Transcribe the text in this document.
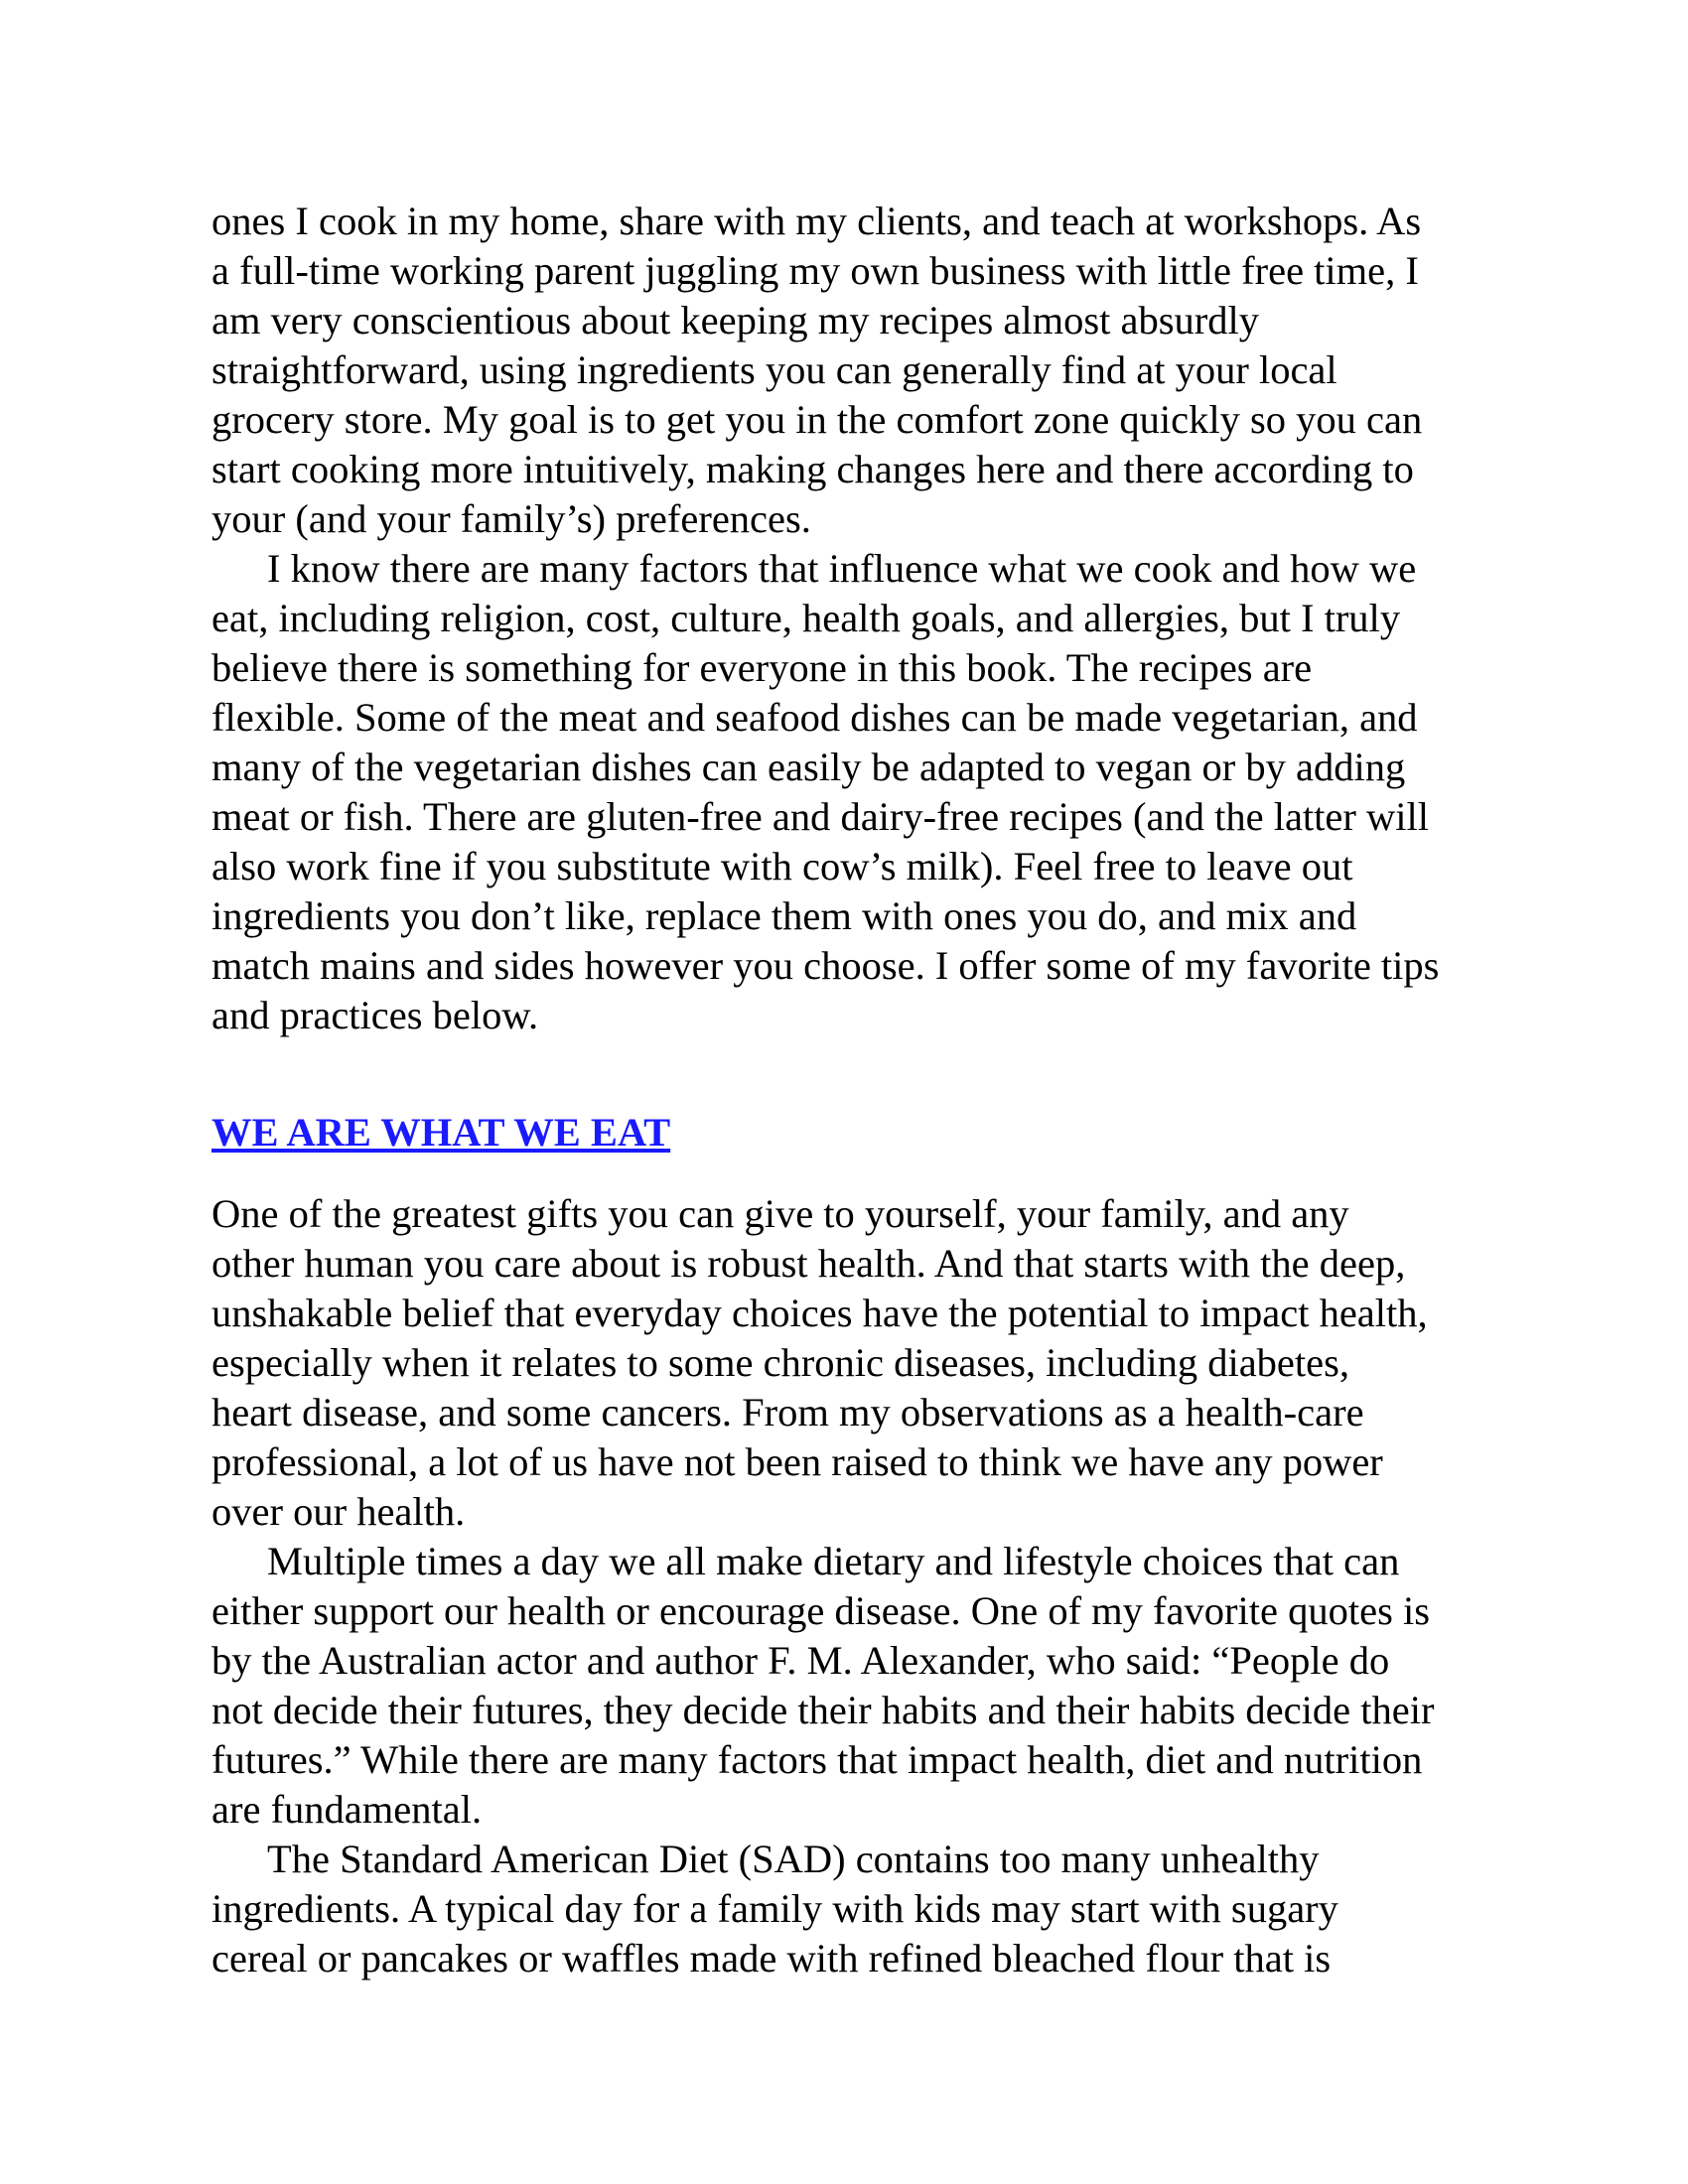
ones I cook in my home, share with my clients, and teach at workshops. As
a full-time working parent juggling my own business with little free time, I
am very conscientious about keeping my recipes almost absurdly
straightforward, using ingredients you can generally find at your local
grocery store. My goal is to get you in the comfort zone quickly so you can
start cooking more intuitively, making changes here and there according to
your (and your family’s) preferences.

I know there are many factors that influence what we cook and how we
eat, including religion, cost, culture, health goals, and allergies, but I truly
believe there is something for everyone in this book. The recipes are
flexible. Some of the meat and seafood dishes can be made vegetarian, and
many of the vegetarian dishes can easily be adapted to vegan or by adding
meat or fish. There are gluten-free and dairy-free recipes (and the latter will
also work fine if you substitute with cow’s milk). Feel free to leave out
ingredients you don’t like, replace them with ones you do, and mix and
match mains and sides however you choose. I offer some of my favorite tips
and practices below.

WE ARE WHAT WE EAT

One of the greatest gifts you can give to yourself, your family, and any
other human you care about is robust health. And that starts with the deep,
unshakable belief that everyday choices have the potential to impact health,
especially when it relates to some chronic diseases, including diabetes,
heart disease, and some cancers. From my observations as a health-care
professional, a lot of us have not been raised to think we have any power
over our health.

Multiple times a day we all make dietary and lifestyle choices that can
either support our health or encourage disease. One of my favorite quotes is
by the Australian actor and author F. M. Alexander, who said: “People do
not decide their futures, they decide their habits and their habits decide their
futures.” While there are many factors that impact health, diet and nutrition
are fundamental.

The Standard American Diet (SAD) contains too many unhealthy
ingredients. A typical day for a family with kids may start with sugary
cereal or pancakes or waffles made with refined bleached flour that is
